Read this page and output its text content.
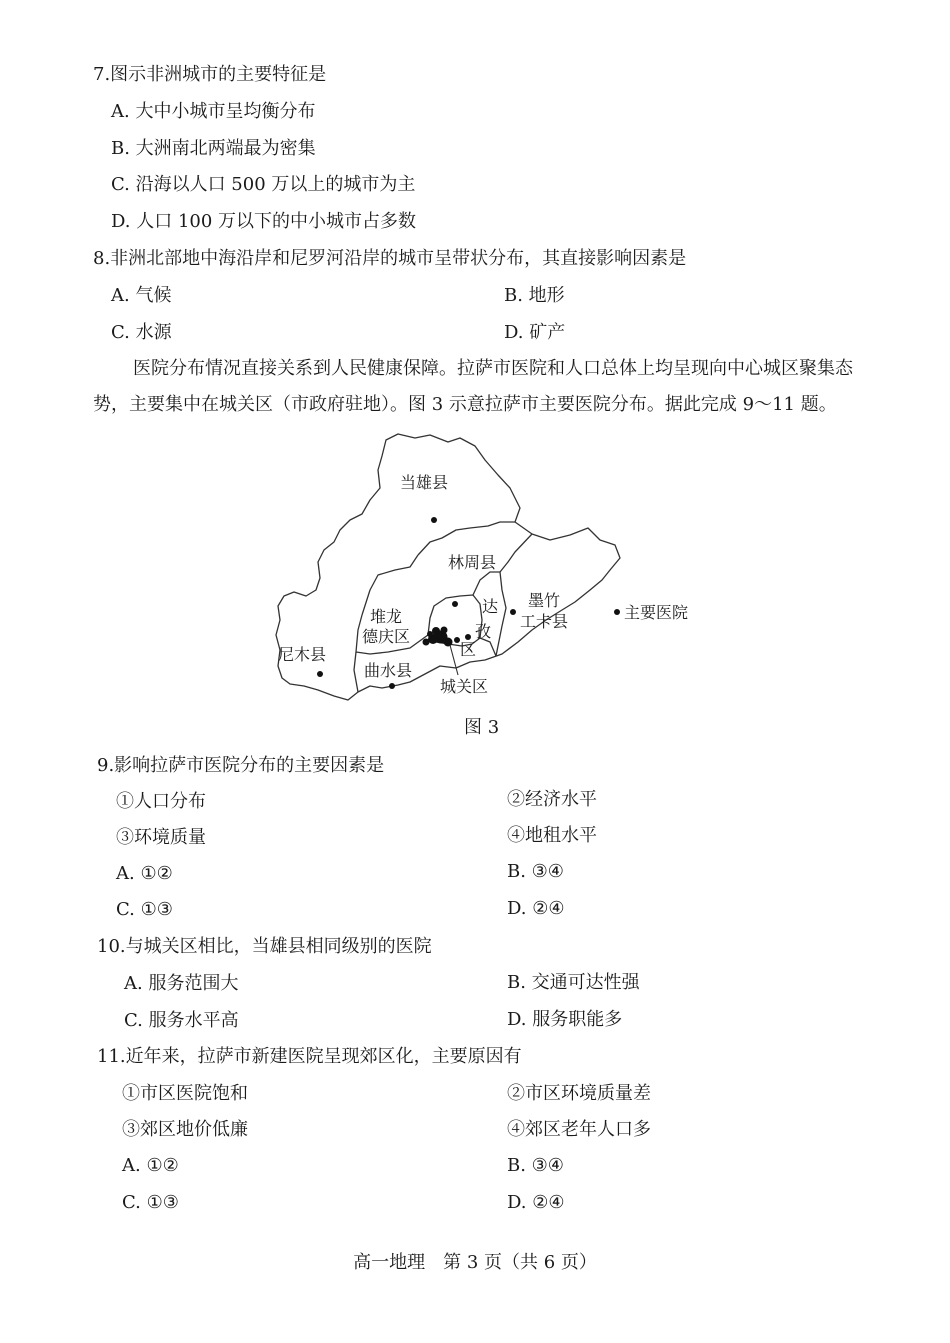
7.图示非洲城市的主要特征是
A. 大中小城市呈均衡分布
B. 大洲南北两端最为密集
C. 沿海以人口 500 万以上的城市为主
D. 人口 100 万以下的中小城市占多数
8.非洲北部地中海沿岸和尼罗河沿岸的城市呈带状分布，其直接影响因素是
A. 气候	B. 地形
C. 水源	D. 矿产
医院分布情况直接关系到人民健康保障。拉萨市医院和人口总体上均呈现向中心城区聚集态势，主要集中在城关区（市政府驻地）。图 3 示意拉萨市主要医院分布。据此完成 9～11 题。
当雄县
林周县
达
孜
区
墨竹
工卡县
堆龙
德庆区
尼木县
曲水县
城关区
主要医院
图 3
9.影响拉萨市医院分布的主要因素是
①人口分布	②经济水平
③环境质量	④地租水平
A. ①②	B. ③④
C. ①③	D. ②④
10.与城关区相比，当雄县相同级别的医院
A. 服务范围大	B. 交通可达性强
C. 服务水平高	D. 服务职能多
11.近年来，拉萨市新建医院呈现郊区化，主要原因有
①市区医院饱和	②市区环境质量差
③郊区地价低廉	④郊区老年人口多
A. ①②	B. ③④
C. ①③	D. ②④
高一地理　第 3 页（共 6 页）
